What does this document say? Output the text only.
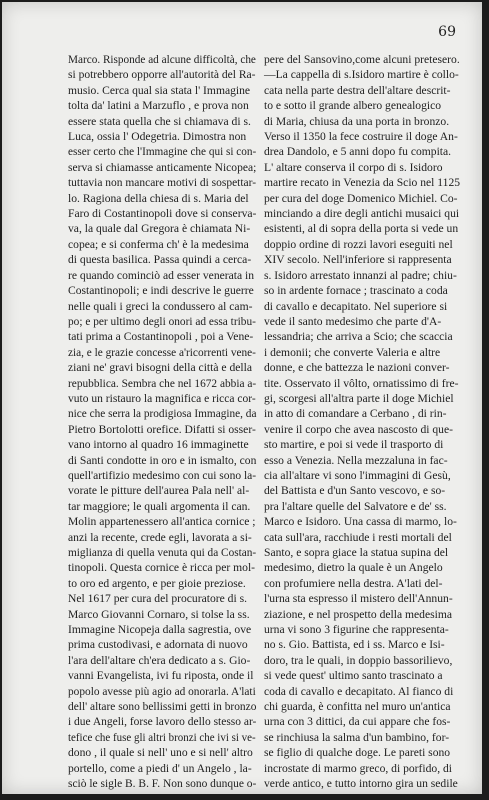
69
Marco. Risponde ad alcune difficoltà, che
si potrebbero opporre all'autorità del Ra-
musio. Cerca qual sia stata l' Immagine
tolta da' latini a Marzuflo , e prova non
essere stata quella che si chiamava di s.
Luca, ossia l' Odegetria. Dimostra non
esser certo che l'Immagine che qui si con-
serva si chiamasse anticamente Nicopea;
tuttavia non mancare motivi di sospettar-
lo. Ragiona della chiesa di s. Maria del
Faro di Costantinopoli dove si conserva-
va, la quale dal Gregora è chiamata Ni-
copea; e si conferma ch' è la medesima
di questa basilica. Passa quindi a cerca-
re quando cominciò ad esser venerata in
Costantinopoli; e indi descrive le guerre
nelle quali i greci la condussero al cam-
po; e per ultimo degli onori ad essa tribu-
tati prima a Costantinopoli , poi a Vene-
zia, e le grazie concesse a'ricorrenti vene-
ziani ne' gravi bisogni della città e della
repubblica. Sembra che nel 1672 abbia a-
vuto un ristauro la magnifica e ricca cor-
nice che serra la prodigiosa Immagine, da
Pietro Bortolotti orefice. Difatti si osser-
vano intorno al quadro 16 immaginette
di Santi condotte in oro e in ismalto, con
quell'artifizio medesimo con cui sono la-
vorate le pitture dell'aurea Pala nell' al-
tar maggiore; le quali argomenta il can.
Molin appartenessero all'antica cornice ;
anzi la recente, crede egli, lavorata a si-
miglianza di quella venuta qui da Costan-
tinopoli. Questa cornice è ricca per mol-
to oro ed argento, e per gioie preziose.
Nel 1617 per cura del procuratore di s.
Marco Giovanni Cornaro, si tolse la ss.
Immagine Nicopeja dalla sagrestia, ove
prima custodivasi, e adornata di nuovo
l'ara dell'altare ch'era dedicato a s. Gio-
vanni Evangelista, ivi fu riposta, onde il
popolo avesse più agio ad onorarla. A'lati
dell' altare sono bellissimi getti in bronzo
i due Angeli, forse lavoro dello stesso ar-
tefice che fuse gli altri bronzi che ivi si ve-
dono , il quale si nell' uno e si nell' altro
portello, come a piedi d' un Angelo , la-
sciò le sigle B. B. F. Non sono dunque o-
pere del Sansovino,come alcuni pretesero.
—La cappella di s.Isidoro martire è collo-
cata nella parte destra dell'altare descrit-
to e sotto il grande albero genealogico
di Maria, chiusa da una porta in bronzo.
Verso il 1350 la fece costruire il doge An-
drea Dandolo, e 5 anni dopo fu compita.
L' altare conserva il corpo di s. Isidoro
martire recato in Venezia da Scio nel 1125
per cura del doge Domenico Michiel. Co-
minciando a dire degli antichi musaici qui
esistenti, al di sopra della porta si vede un
doppio ordine di rozzi lavori eseguiti nel
XIV secolo. Nell'inferiore si rappresenta
s. Isidoro arrestato innanzi al padre; chiu-
so in ardente fornace ; trascinato a coda
di cavallo e decapitato. Nel superiore si
vede il santo medesimo che parte d'A-
lessandria; che arriva a Scio; che scaccia
i demonii; che converte Valeria e altre
donne, e che battezza le nazioni conver-
tite. Osservato il vôlto, ornatissimo di fre-
gi, scorgesi all'altra parte il doge Michiel
in atto di comandare a Cerbano , di rin-
venire il corpo che avea nascosto di que-
sto martire, e poi si vede il trasporto di
esso a Venezia. Nella mezzaluna in fac-
cia all'altare vi sono l'immagini di Gesù,
del Battista e d'un Santo vescovo, e so-
pra l'altare quelle del Salvatore e de' ss.
Marco e Isidoro. Una cassa di marmo, lo-
cata sull'ara, racchiude i resti mortali del
Santo, e sopra giace la statua supina del
medesimo, dietro la quale è un Angelo
con profumiere nella destra. A'lati del-
l'urna sta espresso il mistero dell'Annun-
ziazione, e nel prospetto della medesima
urna vi sono 3 figurine che rappresenta-
no s. Gio. Battista, ed i ss. Marco e Isi-
doro, tra le quali, in doppio bassorilievo,
si vede quest' ultimo santo trascinato a
coda di cavallo e decapitato. Al fianco di
chi guarda, è confitta nel muro un'antica
urna con 3 dittici, da cui appare che fos-
se rinchiusa la salma d'un bambino, for-
se figlio di qualche doge. Le pareti sono
incrostate di marmo greco, di porfido, di
verde antico, e tutto intorno gira un sedile
